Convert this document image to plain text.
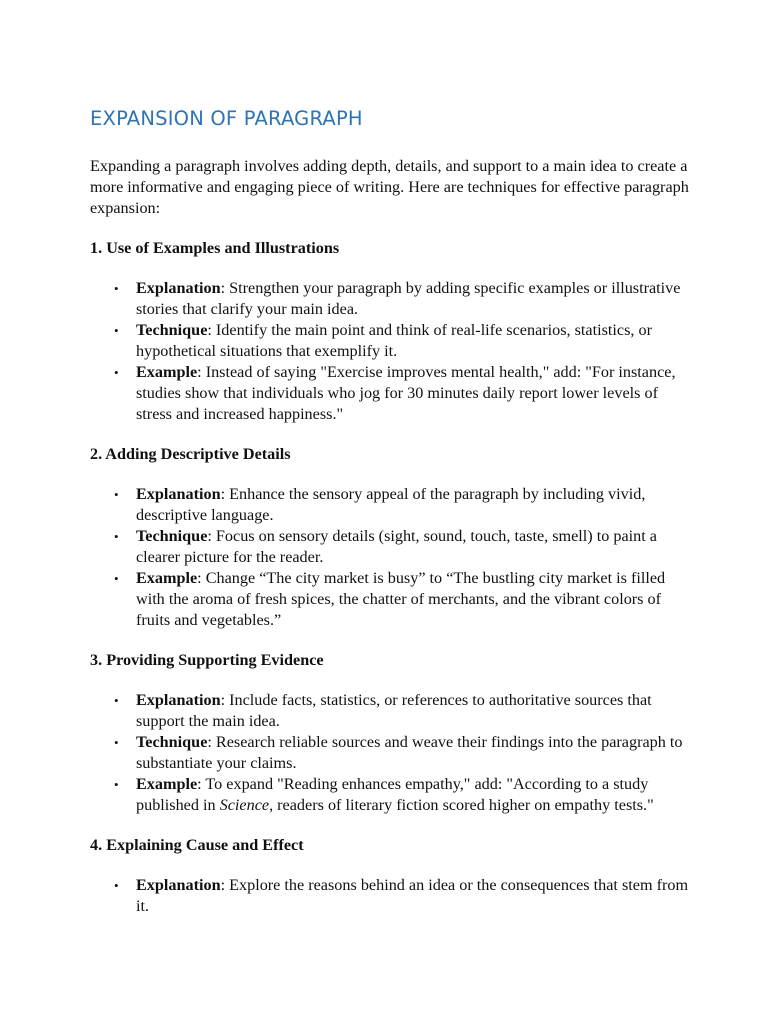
EXPANSION OF PARAGRAPH

Expanding a paragraph involves adding depth, details, and support to a main idea to create a more informative and engaging piece of writing. Here are techniques for effective paragraph expansion:

1. Use of Examples and Illustrations

• Explanation: Strengthen your paragraph by adding specific examples or illustrative stories that clarify your main idea.
• Technique: Identify the main point and think of real-life scenarios, statistics, or hypothetical situations that exemplify it.
• Example: Instead of saying "Exercise improves mental health," add: "For instance, studies show that individuals who jog for 30 minutes daily report lower levels of stress and increased happiness."

2. Adding Descriptive Details

• Explanation: Enhance the sensory appeal of the paragraph by including vivid, descriptive language.
• Technique: Focus on sensory details (sight, sound, touch, taste, smell) to paint a clearer picture for the reader.
• Example: Change “The city market is busy” to “The bustling city market is filled with the aroma of fresh spices, the chatter of merchants, and the vibrant colors of fruits and vegetables.”

3. Providing Supporting Evidence

• Explanation: Include facts, statistics, or references to authoritative sources that support the main idea.
• Technique: Research reliable sources and weave their findings into the paragraph to substantiate your claims.
• Example: To expand "Reading enhances empathy," add: "According to a study published in Science, readers of literary fiction scored higher on empathy tests."

4. Explaining Cause and Effect

• Explanation: Explore the reasons behind an idea or the consequences that stem from it.
